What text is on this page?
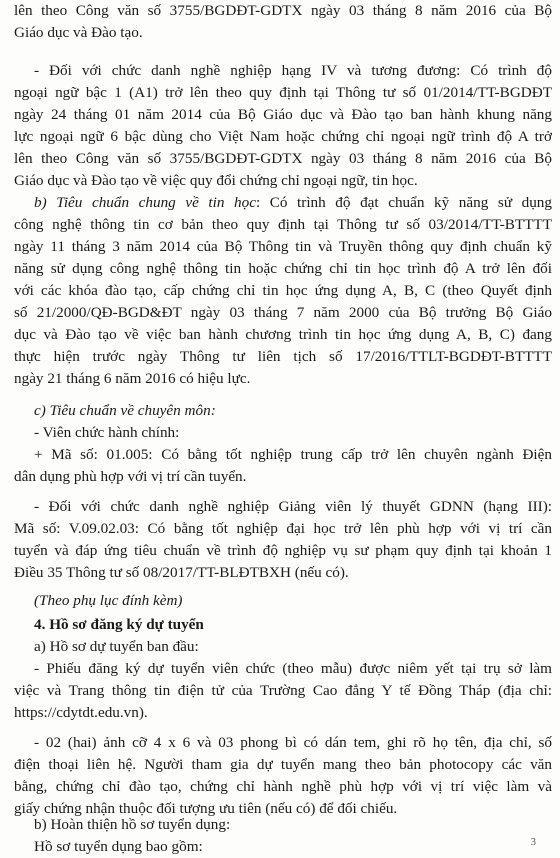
lên theo Công văn số 3755/BGDĐT-GDTX ngày 03 tháng 8 năm 2016 của Bộ
Giáo dục và Đào tạo.
- Đối với chức danh nghề nghiệp hạng IV và tương đương: Có trình độ
ngoại ngữ bậc 1 (A1) trở lên theo quy định tại Thông tư số 01/2014/TT-BGDĐT
ngày 24 tháng 01 năm 2014 của Bộ Giáo dục và Đào tạo ban hành khung năng
lực ngoại ngữ 6 bậc dùng cho Việt Nam hoặc chứng chỉ ngoại ngữ trình độ A trở
lên theo Công văn số 3755/BGDĐT-GDTX ngày 03 tháng 8 năm 2016 của Bộ
Giáo dục và Đào tạo về việc quy đổi chứng chỉ ngoại ngữ, tin học.
b) Tiêu chuẩn chung về tin học: Có trình độ đạt chuẩn kỹ năng sử dụng
công nghệ thông tin cơ bản theo quy định tại Thông tư số 03/2014/TT-BTTTT
ngày 11 tháng 3 năm 2014 của Bộ Thông tin và Truyền thông quy định chuẩn kỹ
năng sử dụng công nghệ thông tin hoặc chứng chỉ tin học trình độ A trở lên đối
với các khóa đào tạo, cấp chứng chỉ tin học ứng dụng A, B, C (theo Quyết định
số 21/2000/QĐ-BGD&ĐT ngày 03 tháng 7 năm 2000 của Bộ trưởng Bộ Giáo
dục và Đào tạo về việc ban hành chương trình tin học ứng dụng A, B, C) đang
thực hiện trước ngày Thông tư liên tịch số 17/2016/TTLT-BGDĐT-BTTTT
ngày 21 tháng 6 năm 2016 có hiệu lực.
c) Tiêu chuẩn về chuyên môn:
- Viên chức hành chính:
+ Mã số: 01.005: Có bằng tốt nghiệp trung cấp trở lên chuyên ngành Điện
dân dụng phù hợp với vị trí cần tuyển.
- Đối với chức danh nghề nghiệp Giảng viên lý thuyết GDNN (hạng III):
Mã số: V.09.02.03: Có bằng tốt nghiệp đại học trở lên phù hợp với vị trí cần
tuyển và đáp ứng tiêu chuẩn về trình độ nghiệp vụ sư phạm quy định tại khoản 1
Điều 35 Thông tư số 08/2017/TT-BLĐTBXH (nếu có).
(Theo phụ lục đính kèm)
4. Hồ sơ đăng ký dự tuyển
a) Hồ sơ dự tuyển ban đầu:
- Phiếu đăng ký dự tuyển viên chức (theo mẫu) được niêm yết tại trụ sở làm
việc và Trang thông tin điện tử của Trường Cao đẳng Y tế Đồng Tháp (địa chỉ:
https://cdytdt.edu.vn).
- 02 (hai) ảnh cỡ 4 x 6 và 03 phong bì có dán tem, ghi rõ họ tên, địa chỉ, số
điện thoại liên hệ. Người tham gia dự tuyển mang theo bản photocopy các văn
bằng, chứng chỉ đào tạo, chứng chỉ hành nghề phù hợp với vị trí việc làm và
giấy chứng nhận thuộc đối tượng ưu tiên (nếu có) để đối chiếu.
b) Hoàn thiện hồ sơ tuyển dụng:
Hồ sơ tuyển dụng bao gồm:	3
